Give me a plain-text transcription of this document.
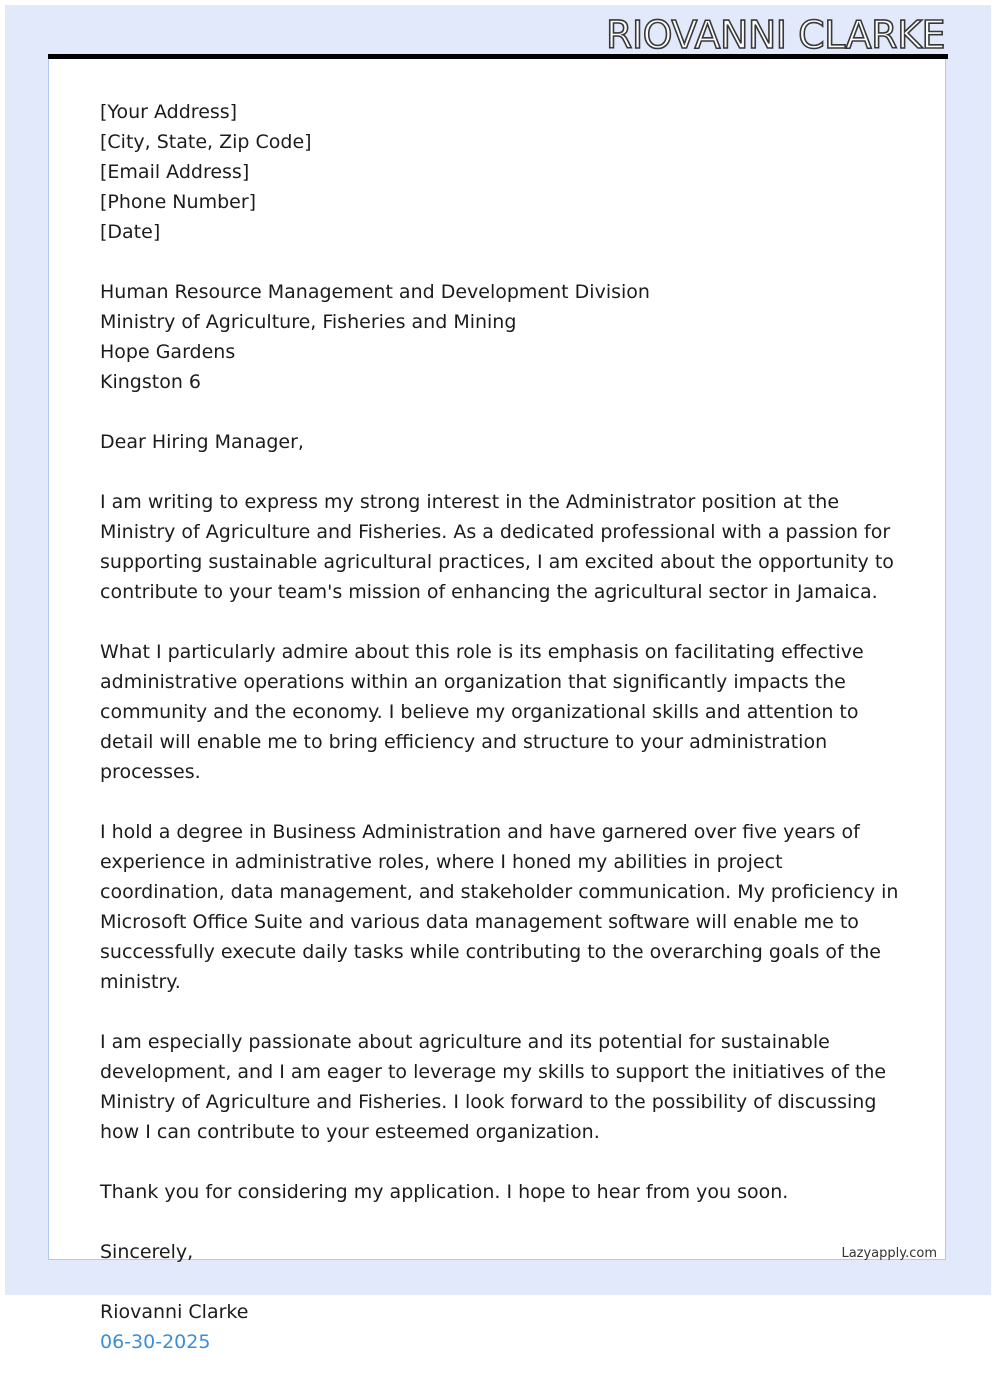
RIOVANNI CLARKE

[Your Address]
[City, State, Zip Code]
[Email Address]
[Phone Number]
[Date]

Human Resource Management and Development Division
Ministry of Agriculture, Fisheries and Mining
Hope Gardens
Kingston 6

Dear Hiring Manager,

I am writing to express my strong interest in the Administrator position at the Ministry of Agriculture and Fisheries. As a dedicated professional with a passion for supporting sustainable agricultural practices, I am excited about the opportunity to contribute to your team's mission of enhancing the agricultural sector in Jamaica.

What I particularly admire about this role is its emphasis on facilitating effective administrative operations within an organization that significantly impacts the community and the economy. I believe my organizational skills and attention to detail will enable me to bring efficiency and structure to your administration processes.

I hold a degree in Business Administration and have garnered over five years of experience in administrative roles, where I honed my abilities in project coordination, data management, and stakeholder communication. My proficiency in Microsoft Office Suite and various data management software will enable me to successfully execute daily tasks while contributing to the overarching goals of the ministry.

I am especially passionate about agriculture and its potential for sustainable development, and I am eager to leverage my skills to support the initiatives of the Ministry of Agriculture and Fisheries. I look forward to the possibility of discussing how I can contribute to your esteemed organization.

Thank you for considering my application. I hope to hear from you soon.

Sincerely,

Riovanni Clarke
06-30-2025

Lazyapply.com
